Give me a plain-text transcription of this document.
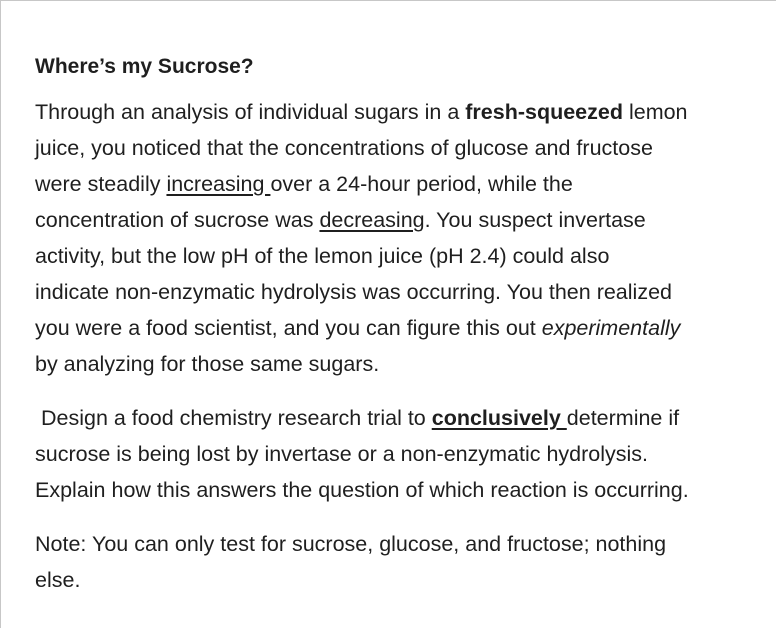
Where’s my Sucrose?
Through an analysis of individual sugars in a fresh-squeezed lemon
juice, you noticed that the concentrations of glucose and fructose
were steadily increasing over a 24-hour period, while the
concentration of sucrose was decreasing. You suspect invertase
activity, but the low pH of the lemon juice (pH 2.4) could also
indicate non-enzymatic hydrolysis was occurring. You then realized
you were a food scientist, and you can figure this out experimentally
by analyzing for those same sugars.
Design a food chemistry research trial to conclusively determine if
sucrose is being lost by invertase or a non-enzymatic hydrolysis.
Explain how this answers the question of which reaction is occurring.
Note: You can only test for sucrose, glucose, and fructose; nothing
else.
